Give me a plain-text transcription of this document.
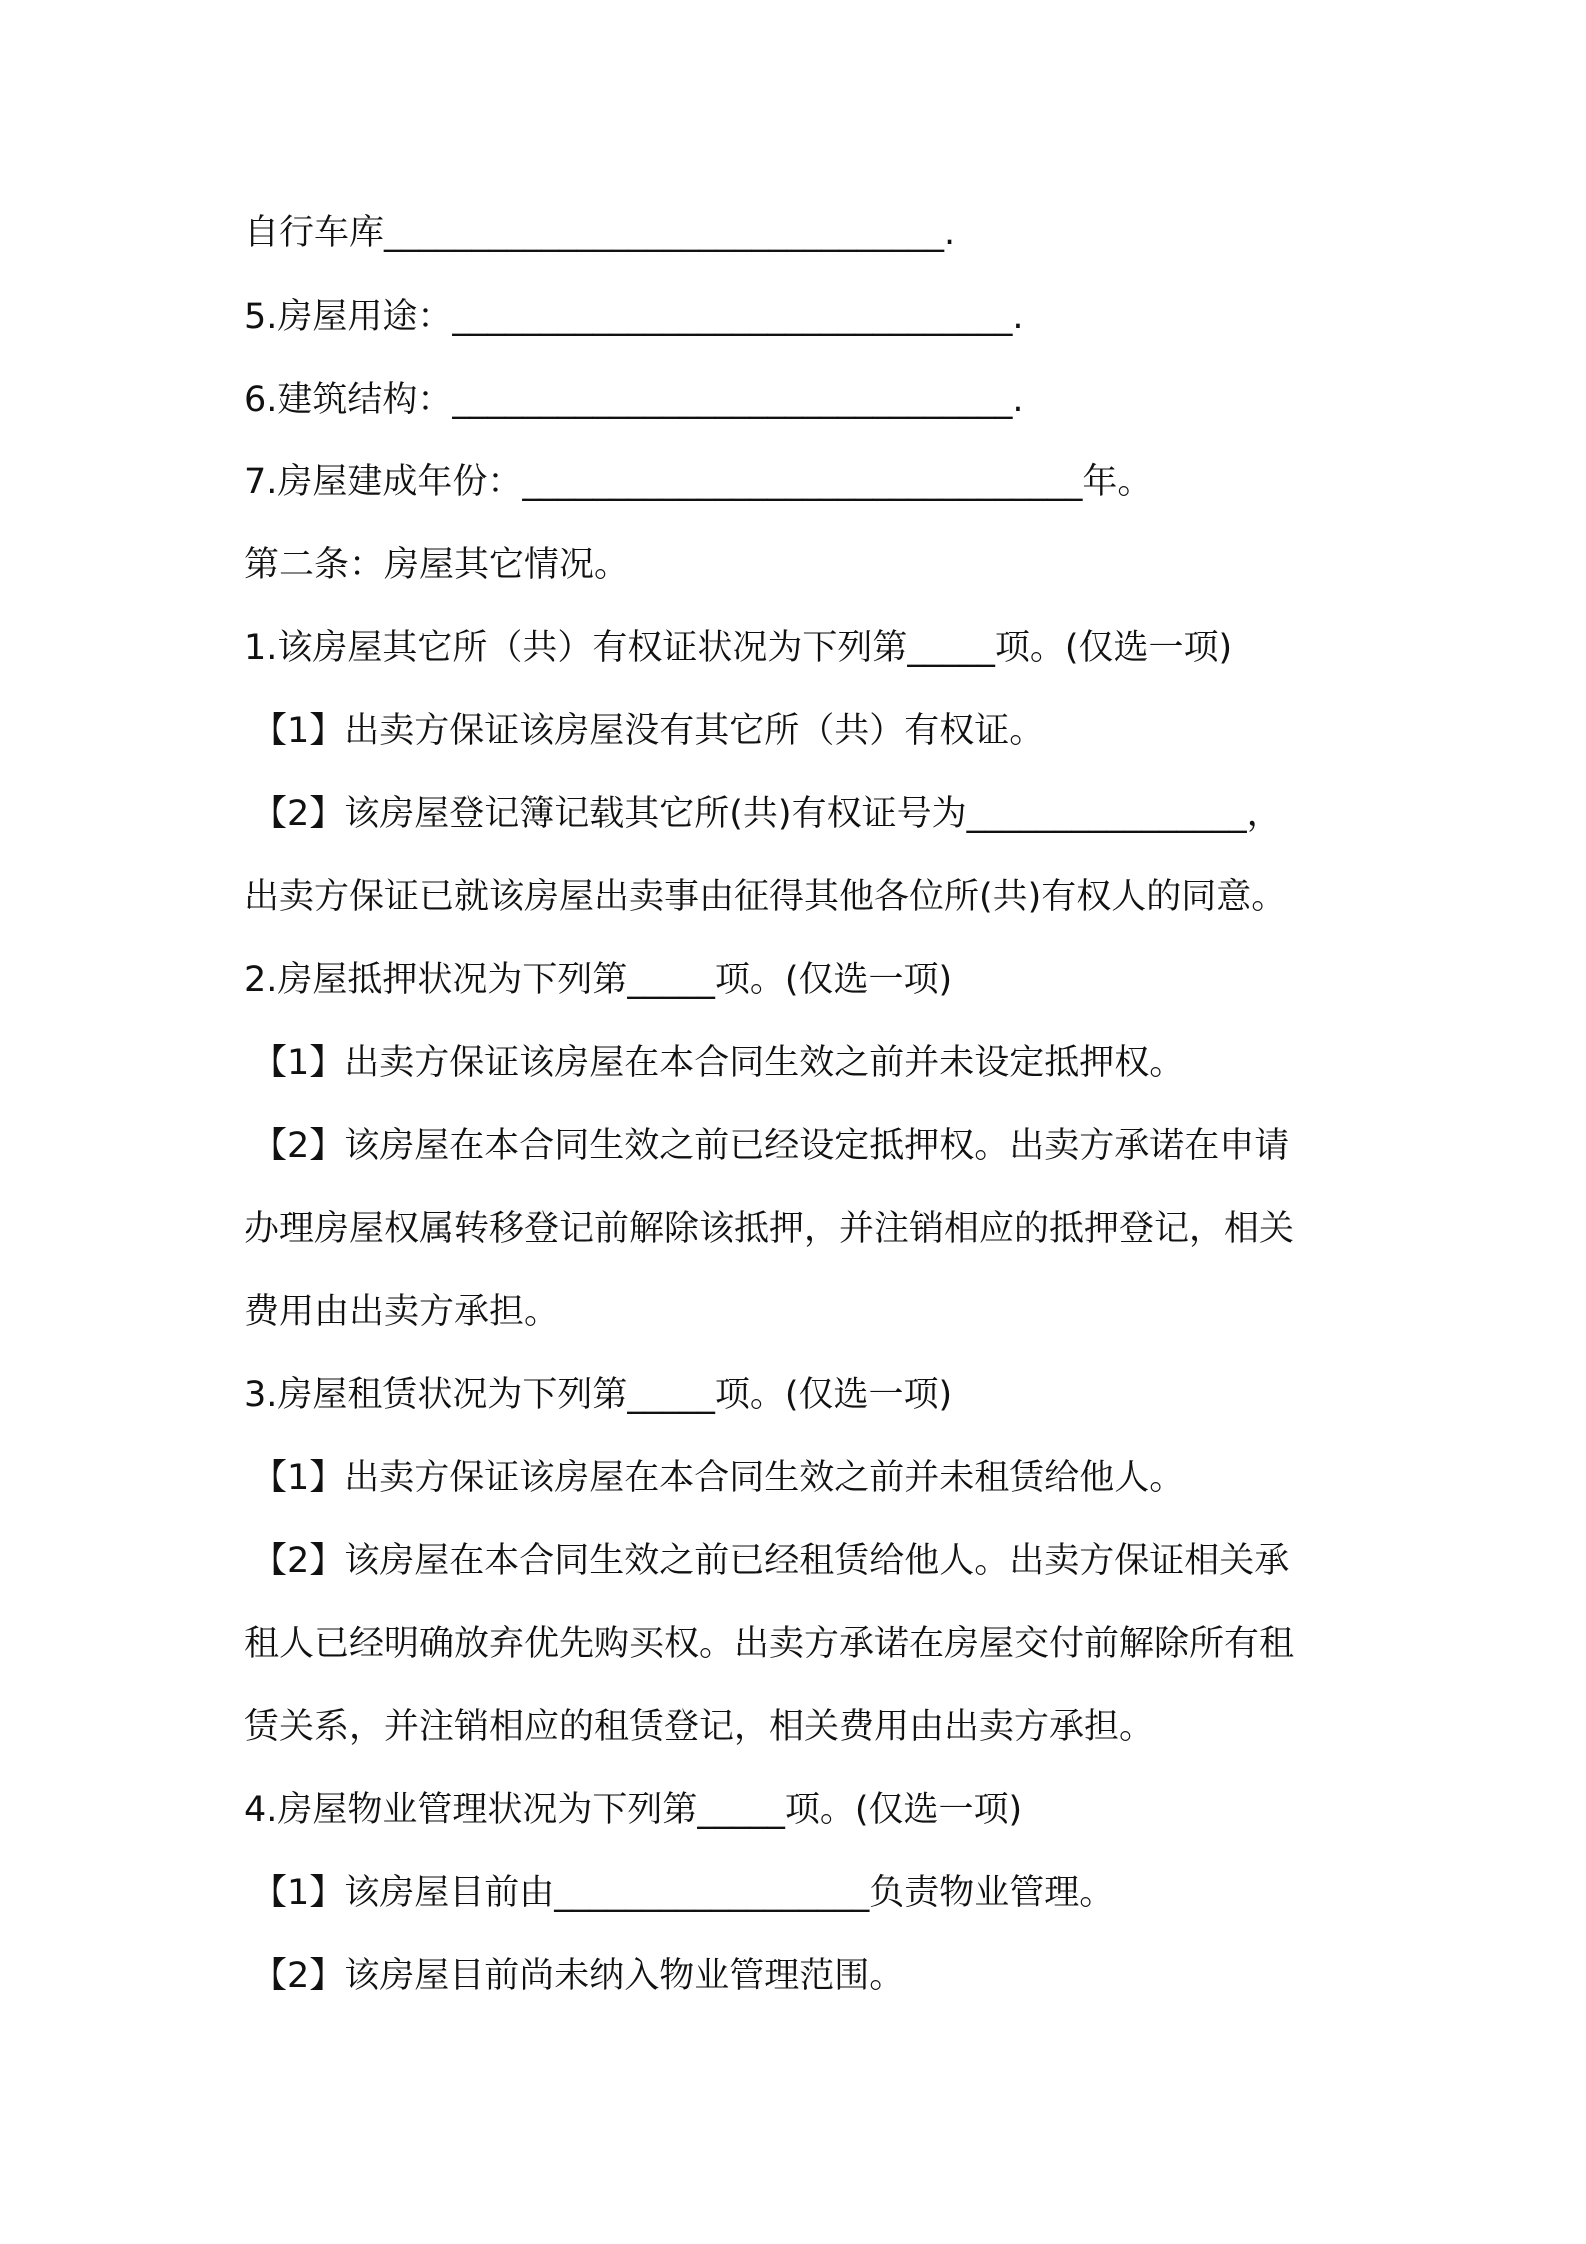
自行车库________________________________.
5.房屋用途：________________________________.
6.建筑结构：________________________________.
7.房屋建成年份：________________________________年。
第二条：房屋其它情况。
1.该房屋其它所（共）有权证状况为下列第_____项。(仅选一项)
【1】出卖方保证该房屋没有其它所（共）有权证。
【2】该房屋登记簿记载其它所(共)有权证号为________________，
出卖方保证已就该房屋出卖事由征得其他各位所(共)有权人的同意。
2.房屋抵押状况为下列第_____项。(仅选一项)
【1】出卖方保证该房屋在本合同生效之前并未设定抵押权。
【2】该房屋在本合同生效之前已经设定抵押权。出卖方承诺在申请
办理房屋权属转移登记前解除该抵押，并注销相应的抵押登记，相关
费用由出卖方承担。
3.房屋租赁状况为下列第_____项。(仅选一项)
【1】出卖方保证该房屋在本合同生效之前并未租赁给他人。
【2】该房屋在本合同生效之前已经租赁给他人。出卖方保证相关承
租人已经明确放弃优先购买权。出卖方承诺在房屋交付前解除所有租
赁关系，并注销相应的租赁登记，相关费用由出卖方承担。
4.房屋物业管理状况为下列第_____项。(仅选一项)
【1】该房屋目前由__________________负责物业管理。
【2】该房屋目前尚未纳入物业管理范围。
